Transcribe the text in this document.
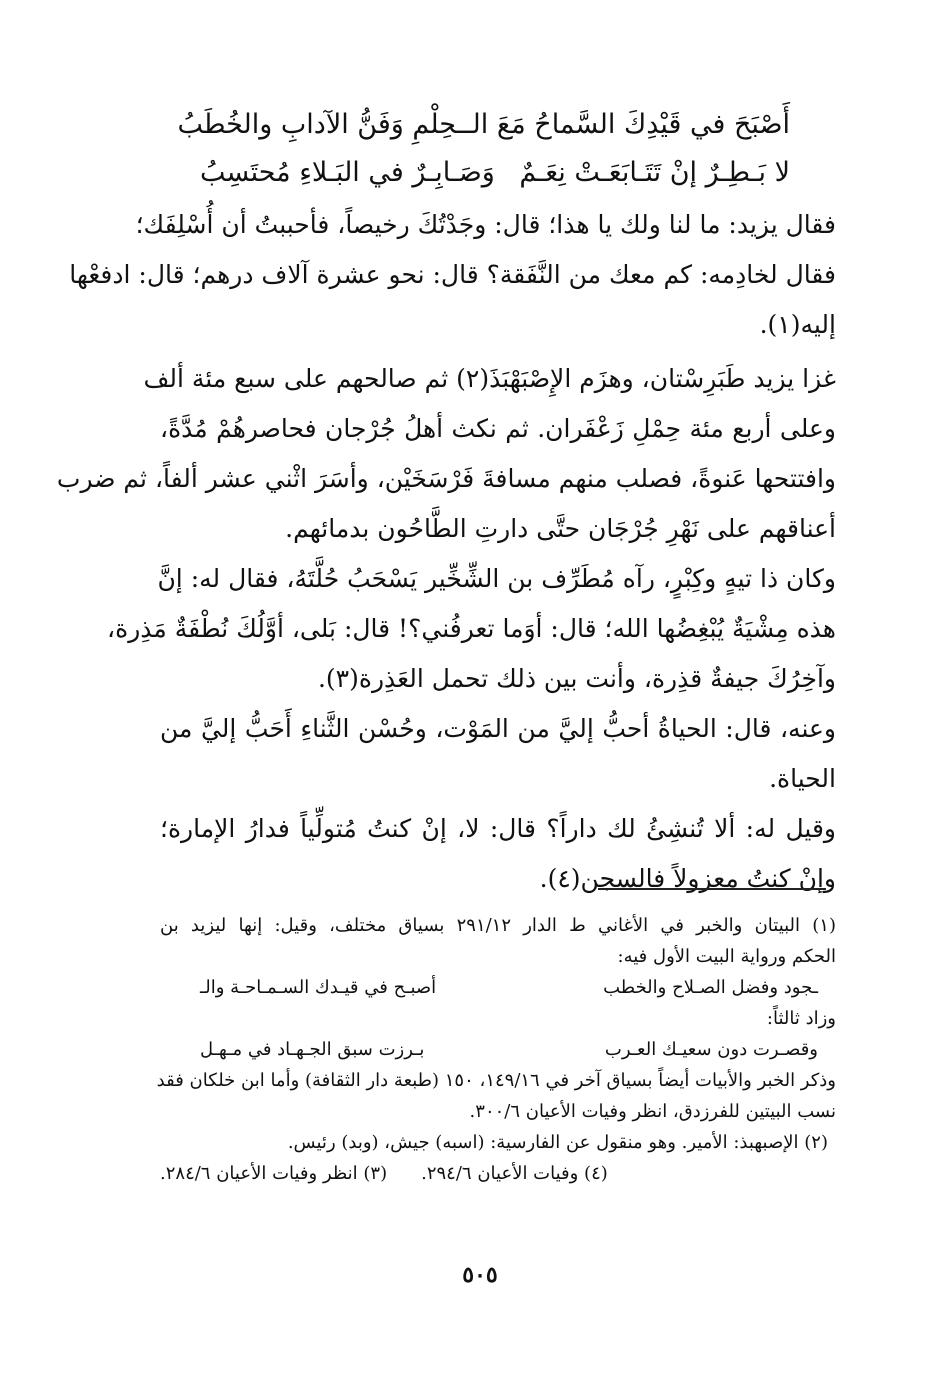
أَصْبَحَ في قَيْدِكَ السَّماحُ مَعَ الـ
ـحِلْمِ وَفَنُّ الآدابِ والخُطَبُ
لا بَـطِـرٌ إنْ تَتَـابَعَـتْ نِعَـمٌ
وَصَـابِـرٌ في البَـلاءِ مُحتَسِبُ
فقال يزيد: ما لنا ولك يا هذا؛ قال: وجَدْتُكَ رخيصاً، فأحببتُ أن أُسْلِفَك؛
فقال لخادِمه: كم معك من النَّفَقة؟ قال: نحو عشرة آلاف درهم؛ قال: ادفعْها
إليه(١).
غزا يزيد طَبَرِسْتان، وهزَم الإِصْبَهْبَذَ(٢) ثم صالحهم على سبع مئة ألف
وعلى أربع مئة حِمْلِ زَعْفَران. ثم نكث أهلُ جُرْجان فحاصرهُمْ مُدَّةً،
وافتتحها عَنوةً، فصلب منهم مسافةَ فَرْسَخَيْن، وأسَرَ اثْني عشر ألفاً، ثم ضرب
أعناقهم على نَهْرِ جُرْجَان حتَّى دارتِ الطَّاحُون بدمائهم.
وكان ذا تيهٍ وكِبْرٍ، رآه مُطَرِّف بن الشِّخِّير يَسْحَبُ حُلَّتَهُ، فقال له: إنَّ
هذه مِشْيَةٌ يُبْغِضُها الله؛ قال: أوَما تعرفُني؟! قال: بَلى، أوَّلُكَ نُطْفَةٌ مَذِرة،
وآخِرُكَ جيفةٌ قذِرة، وأنت بين ذلك تحمل العَذِرة(٣).
وعنه، قال: الحياةُ أحبُّ إليَّ من المَوْت، وحُسْن الثَّناءِ أَحَبُّ إليَّ من
الحياة.
وقيل له: ألا تُنشِئُ لك داراً؟ قال: لا، إنْ كنتُ مُتولِّياً فدارُ الإمارة؛
وإنْ كنتُ معزولاً فالسجن(٤).
(١) البيتان والخبر في الأغاني ط الدار ٢٩١/١٢ بسياق مختلف، وقيل: إنها ليزيد بن
الحكم ورواية البيت الأول فيه:
أصبـح في قيـدك السـمـاحـة والـ	ـجود وفضل الصـلاح والخطب
وزاد ثالثاً:
بـرزت سبق الجـهـاد في مـهـل	وقصـرت دون سعيـك العـرب
وذكر الخبر والأبيات أيضاً بسياق آخر في ١٤٩/١٦، ١٥٠ (طبعة دار الثقافة) وأما ابن خلكان فقد
نسب البيتين للفرزدق، انظر وفيات الأعيان ٣٠٠/٦.
(٢) الإصبهبذ: الأمير. وهو منقول عن الفارسية: (اسبه) جيش، (وبد) رئيس.
(٣) انظر وفيات الأعيان ٢٨٤/٦. (٤) وفيات الأعيان ٢٩٤/٦.
٥٠٥
